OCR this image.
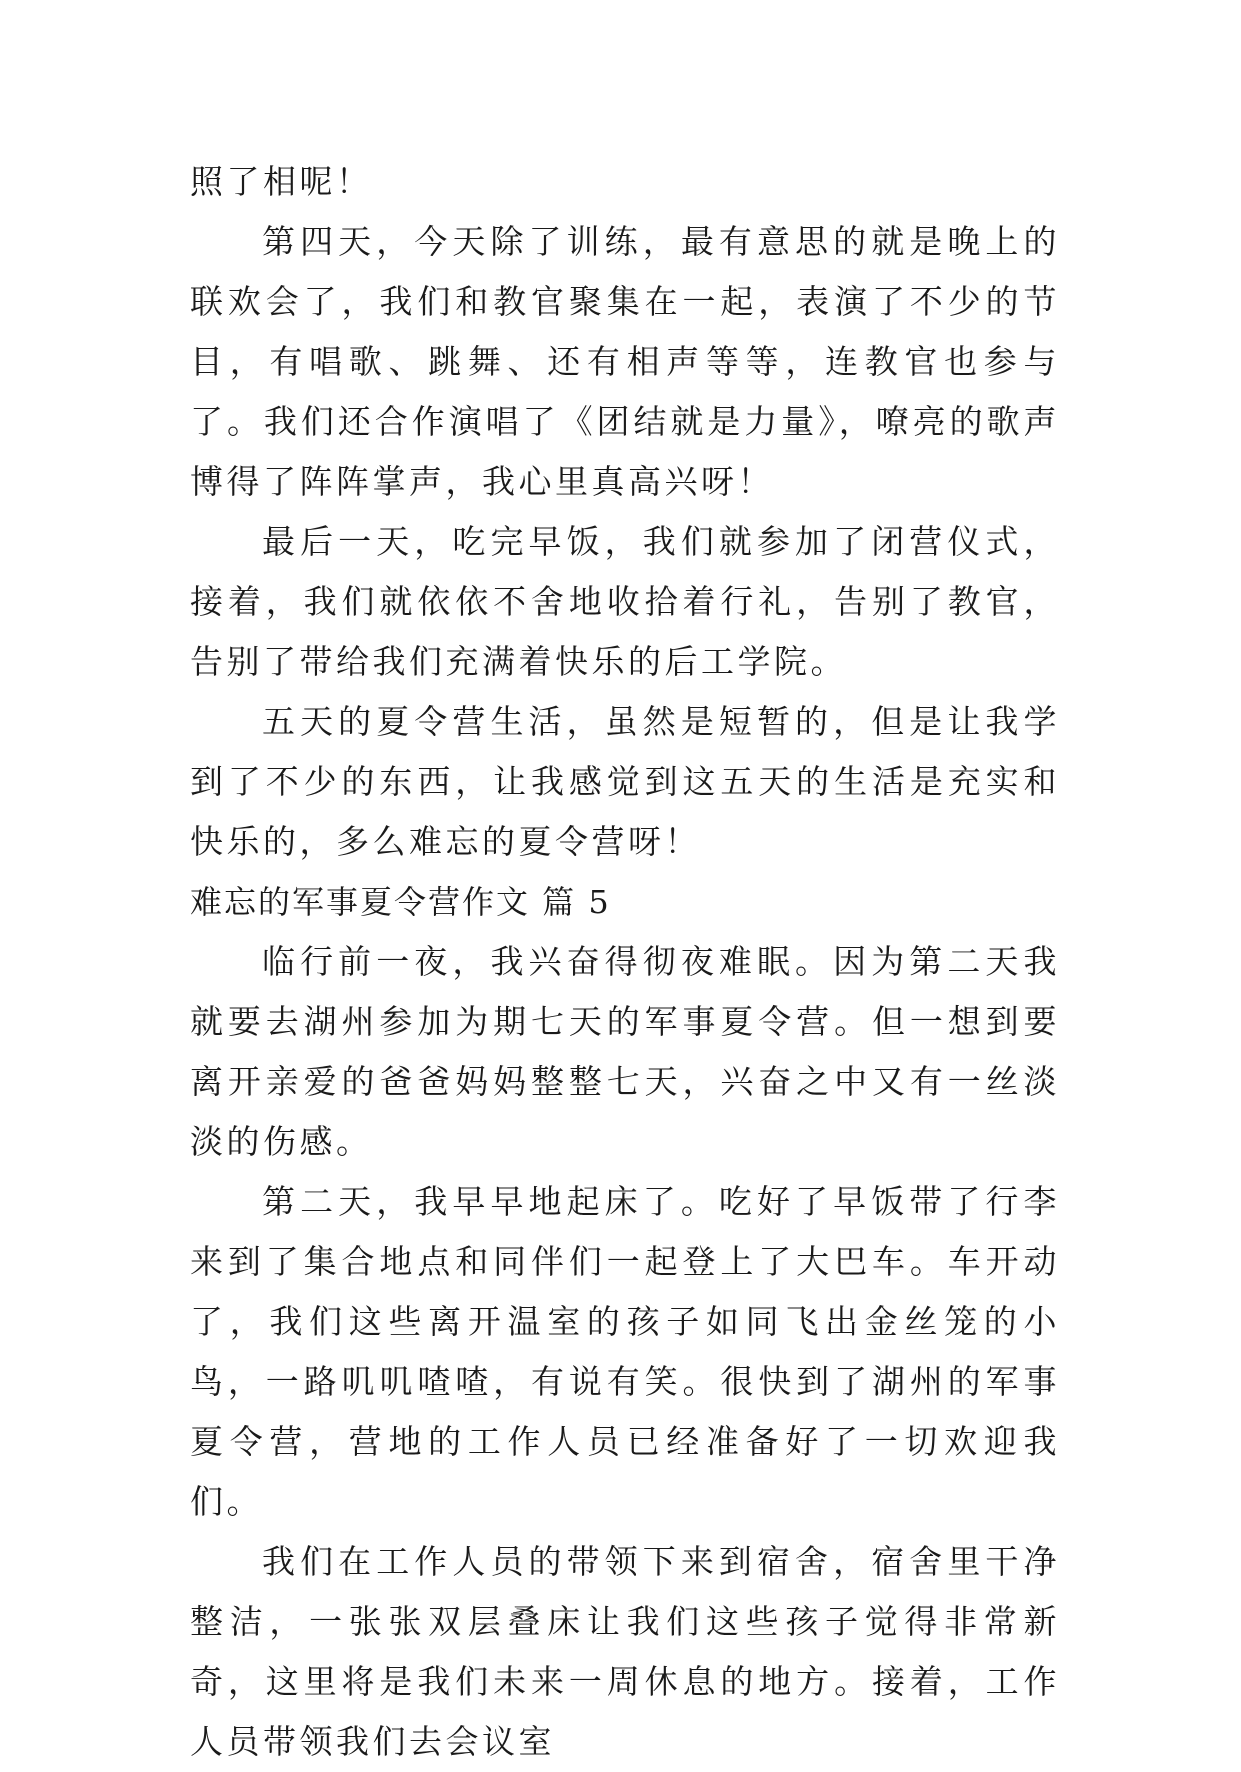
照了相呢！

第四天，今天除了训练，最有意思的就是晚上的联欢会了，我们和教官聚集在一起，表演了不少的节目，有唱歌、跳舞、还有相声等等，连教官也参与了。我们还合作演唱了《团结就是力量》，嘹亮的歌声博得了阵阵掌声，我心里真高兴呀！

最后一天，吃完早饭，我们就参加了闭营仪式，接着，我们就依依不舍地收拾着行礼，告别了教官，告别了带给我们充满着快乐的后工学院。

五天的夏令营生活，虽然是短暂的，但是让我学到了不少的东西，让我感觉到这五天的生活是充实和快乐的，多么难忘的夏令营呀！

难忘的军事夏令营作文 篇 5

临行前一夜，我兴奋得彻夜难眠。因为第二天我就要去湖州参加为期七天的军事夏令营。但一想到要离开亲爱的爸爸妈妈整整七天，兴奋之中又有一丝淡淡的伤感。

第二天，我早早地起床了。吃好了早饭带了行李来到了集合地点和同伴们一起登上了大巴车。车开动了，我们这些离开温室的孩子如同飞出金丝笼的小鸟，一路叽叽喳喳，有说有笑。很快到了湖州的军事夏令营，营地的工作人员已经准备好了一切欢迎我们。

我们在工作人员的带领下来到宿舍，宿舍里干净整洁，一张张双层叠床让我们这些孩子觉得非常新奇，这里将是我们未来一周休息的地方。接着，工作人员带领我们去会议室
